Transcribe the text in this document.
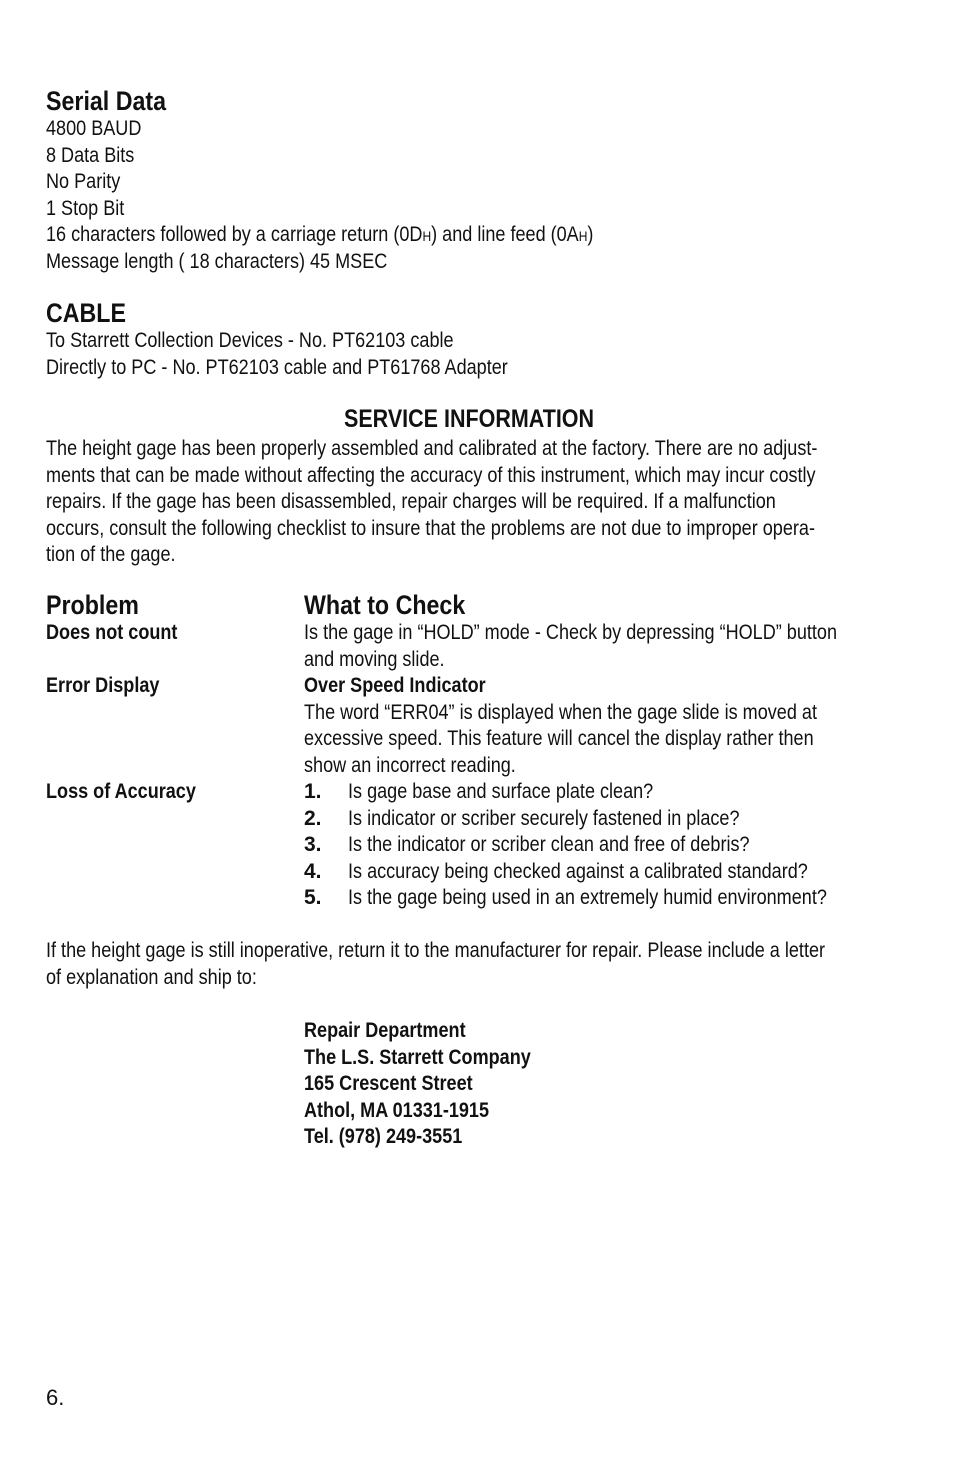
Serial Data
4800 BAUD
8 Data Bits
No Parity
1 Stop Bit
16 characters followed by a carriage return (0DH) and line feed (0AH)
Message length ( 18 characters) 45 MSEC
CABLE
To Starrett Collection Devices - No. PT62103 cable
Directly to PC - No. PT62103 cable and PT61768 Adapter
SERVICE INFORMATION
The height gage has been properly assembled and calibrated at the factory. There are no adjust-
ments that can be made without affecting the accuracy of this instrument, which may incur costly
repairs. If the gage has been disassembled, repair charges will be required. If a malfunction
occurs, consult the following checklist to insure that the problems are not due to improper opera-
tion of the gage.
Problem	What to Check
Does not count	Is the gage in “HOLD” mode - Check by depressing “HOLD” button
and moving slide.
Error Display	Over Speed Indicator
The word “ERR04” is displayed when the gage slide is moved at
excessive speed. This feature will cancel the display rather then
show an incorrect reading.
Loss of Accuracy	1. Is gage base and surface plate clean?
2. Is indicator or scriber securely fastened in place?
3. Is the indicator or scriber clean and free of debris?
4. Is accuracy being checked against a calibrated standard?
5. Is the gage being used in an extremely humid environment?
If the height gage is still inoperative, return it to the manufacturer for repair. Please include a letter
of explanation and ship to:
Repair Department
The L.S. Starrett Company
165 Crescent Street
Athol, MA 01331-1915
Tel. (978) 249-3551
6.
